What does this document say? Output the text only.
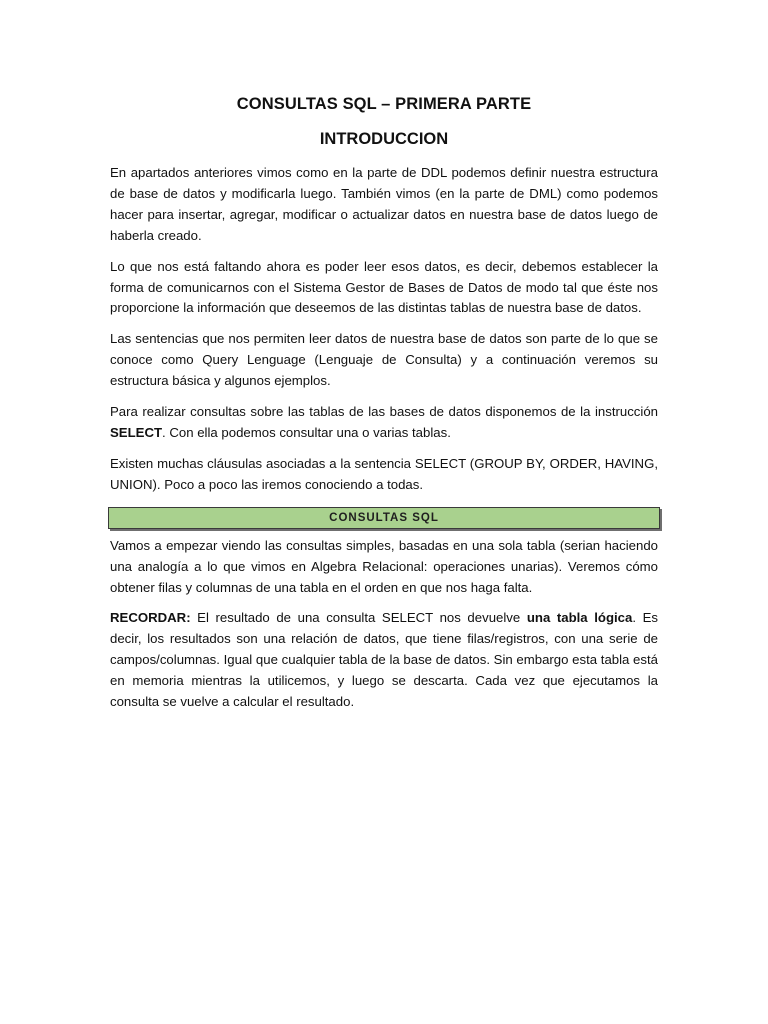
CONSULTAS SQL – PRIMERA PARTE
INTRODUCCION

En apartados anteriores vimos como en la parte de DDL podemos definir nuestra estructura de base de datos y modificarla luego. También vimos (en la parte de DML) como podemos hacer para insertar, agregar, modificar o actualizar datos en nuestra base de datos luego de haberla creado.

Lo que nos está faltando ahora es poder leer esos datos, es decir, debemos establecer la forma de comunicarnos con el Sistema Gestor de Bases de Datos de modo tal que éste nos proporcione la información que deseemos de las distintas tablas de nuestra base de datos.

Las sentencias que nos permiten leer datos de nuestra base de datos son parte de lo que se conoce como Query Lenguage (Lenguaje de Consulta) y a continuación veremos su estructura básica y algunos ejemplos.

Para realizar consultas sobre las tablas de las bases de datos disponemos de la instrucción SELECT. Con ella podemos consultar una o varias tablas.

Existen muchas cláusulas asociadas a la sentencia SELECT (GROUP BY, ORDER, HAVING, UNION). Poco a poco las iremos conociendo a todas.

CONSULTAS SQL

Vamos a empezar viendo las consultas simples, basadas en una sola tabla (serian haciendo una analogía a lo que vimos en Algebra Relacional: operaciones unarias). Veremos cómo obtener filas y columnas de una tabla en el orden en que nos haga falta.

RECORDAR: El resultado de una consulta SELECT nos devuelve una tabla lógica. Es decir, los resultados son una relación de datos, que tiene filas/registros, con una serie de campos/columnas. Igual que cualquier tabla de la base de datos. Sin embargo esta tabla está en memoria mientras la utilicemos, y luego se descarta. Cada vez que ejecutamos la consulta se vuelve a calcular el resultado.
